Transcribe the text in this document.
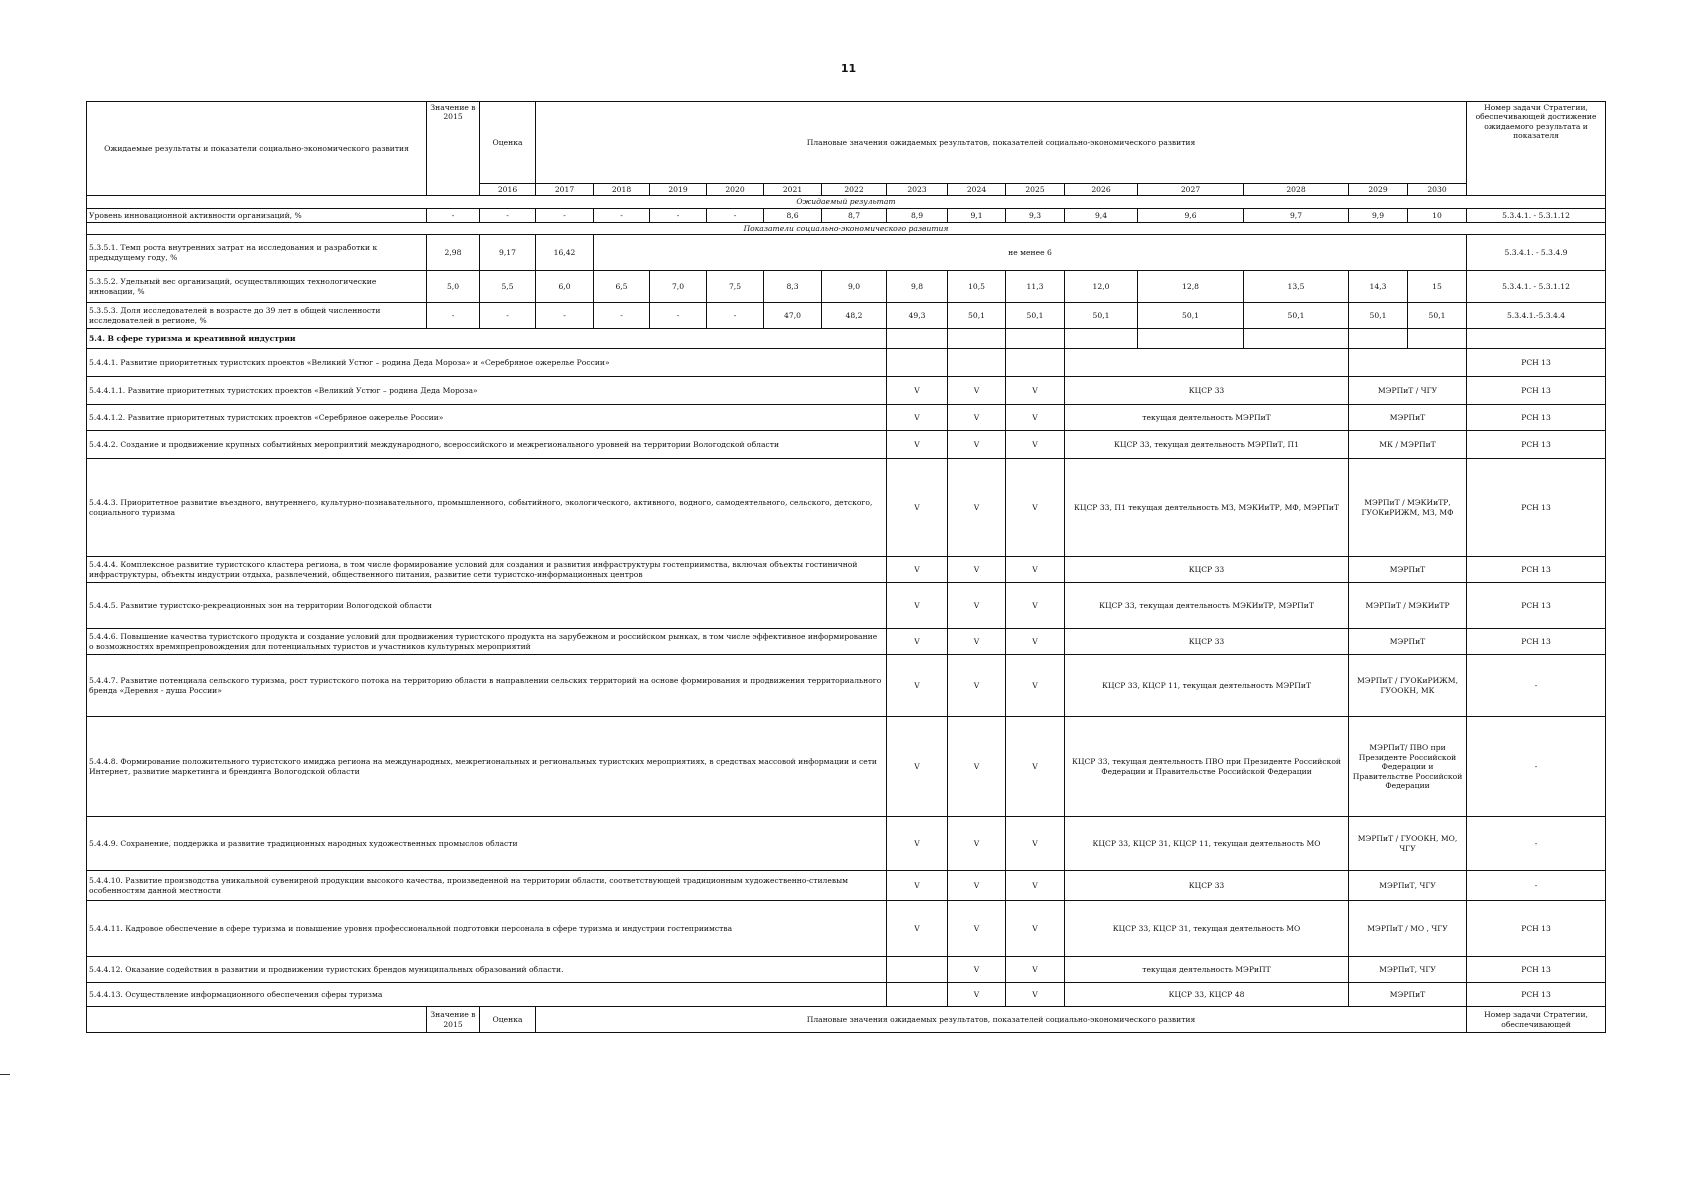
11
Ожидаемые результаты и показатели социально-экономического развития	Значение в 2015	Оценка	Плановые значения ожидаемых результатов, показателей социально-экономического развития														Номер задачи Стратегии, обеспечивающей достижение ожидаемого результата и показателя
		2016	2017	2018	2019	2020	2021	2022	2023	2024	2025	2026	2027	2028	2029	2030	
Ожидаемый результат																	
Уровень инновационной активности организаций, %	-	-	-	-	-	-	8,6	8,7	8,9	9,1	9,3	9,4	9,6	9,7	9,9	10	5.3.4.1. - 5.3.1.12
Показатели социально-экономического развития																	
5.3.5.1. Темп роста внутренних затрат на исследования и разработки к предыдущему году, %	2,98	9,17	16,42	не менее 6													5.3.4.1. - 5.3.4.9
5.3.5.2. Удельный вес организаций, осуществляющих технологические инновации, %	5,0	5,5	6,0	6,5	7,0	7,5	8,3	9,0	9,8	10,5	11,3	12,0	12,8	13,5	14,3	15	5.3.4.1. - 5.3.1.12
5.3.5.3. Доля исследователей в возрасте до 39 лет в общей численности исследователей в регионе, %	-	-	-	-	-	-	47,0	48,2	49,3	50,1	50,1	50,1	50,1	50,1	50,1	50,1	5.3.4.1.-5.3.4.4
5.4. В сфере туризма и креативной индустрии																	
5.4.4.1. Развитие приоритетных туристских проектов «Великий Устюг – родина Деда Мороза» и «Серебряное ожерелье России»																	РСН 13
5.4.4.1.1. Развитие приоритетных туристских проектов «Великий Устюг – родина Деда Мороза»									V	V	V	КЦСР 33			МЭРПиТ / ЧГУ		РСН 13
5.4.4.1.2. Развитие приоритетных туристских проектов «Серебряное ожерелье России»									V	V	V	текущая деятельность МЭРПиТ			МЭРПиТ		РСН 13
5.4.4.2. Создание и продвижение крупных событийных мероприятий международного, всероссийского и межрегионального уровней на территории Вологодской области									V	V	V	КЦСР 33, текущая деятельность МЭРПиТ, П1			МК / МЭРПиТ		РСН 13
5.4.4.3. Приоритетное развитие въездного, внутреннего, культурно-познавательного, промышленного, событийного, экологического, активного, водного, самодеятельного, сельского, детского, социального туризма									V	V	V	КЦСР 33, П1 текущая деятельность МЗ, МЭКИиТР, МФ, МЭРПиТ			МЭРПиТ / МЭКИиТР, ГУОКиРИЖМ, МЗ, МФ		РСН 13
5.4.4.4. Комплексное развитие туристского кластера региона, в том числе формирование условий для создания и развития инфраструктуры гостеприимства, включая объекты гостиничной инфраструктуры, объекты индустрии отдыха, развлечений, общественного питания, развитие сети туристско-информационных центров									V	V	V	КЦСР 33			МЭРПиТ		РСН 13
5.4.4.5. Развитие туристско-рекреационных зон на территории Вологодской области									V	V	V	КЦСР 33, текущая деятельность МЭКИиТР, МЭРПиТ			МЭРПиТ / МЭКИиТР		РСН 13
5.4.4.6. Повышение качества туристского продукта и создание условий для продвижения туристского продукта на зарубежном и российском рынках, в том числе эффективное информирование о возможностях времяпрепровождения для потенциальных туристов и участников культурных мероприятий									V	V	V	КЦСР 33			МЭРПиТ		РСН 13
5.4.4.7. Развитие потенциала сельского туризма, рост туристского потока на территорию области в направлении сельских территорий на основе формирования и продвижения территориального бренда «Деревня - душа России»									V	V	V	КЦСР 33, КЦСР 11, текущая деятельность МЭРПиТ			МЭРПиТ / ГУОКиРИЖМ, ГУООКН, МК		-
5.4.4.8. Формирование положительного туристского имиджа региона на международных, межрегиональных и региональных туристских мероприятиях, в средствах массовой информации и сети Интернет, развитие маркетинга и брендинга Вологодской области									V	V	V	КЦСР 33, текущая деятельность ПВО при Президенте Российской Федерации и Правительстве Российской Федерации			МЭРПиТ/ ПВО при Президенте Российской Федерации и Правительстве Российской Федерации		-
5.4.4.9. Сохранение, поддержка и развитие традиционных народных художественных промыслов области									V	V	V	КЦСР 33, КЦСР 31, КЦСР 11, текущая деятельность МО			МЭРПиТ / ГУООКН, МО, ЧГУ		-
5.4.4.10. Развитие производства уникальной сувенирной продукции высокого качества, произведенной на территории области, соответствующей традиционным художественно-стилевым особенностям данной местности									V	V	V	КЦСР 33			МЭРПиТ, ЧГУ		-
5.4.4.11. Кадровое обеспечение в сфере туризма и повышение уровня профессиональной подготовки персонала в сфере туризма и индустрии гостеприимства									V	V	V	КЦСР 33, КЦСР 31, текущая деятельность МО			МЭРПиТ / МО , ЧГУ		РСН 13
5.4.4.12. Оказание содействия в развитии и продвижении туристских брендов муниципальных образований области.										V	V	текущая деятельность МЭРиПТ			МЭРПиТ, ЧГУ		РСН 13
5.4.4.13. Осуществление информационного обеспечения сферы туризма										V	V	КЦСР 33, КЦСР 48			МЭРПиТ		РСН 13
	Значение в 2015	Оценка	Плановые значения ожидаемых результатов, показателей социально-экономического развития														Номер задачи Стратегии, обеспечивающей
